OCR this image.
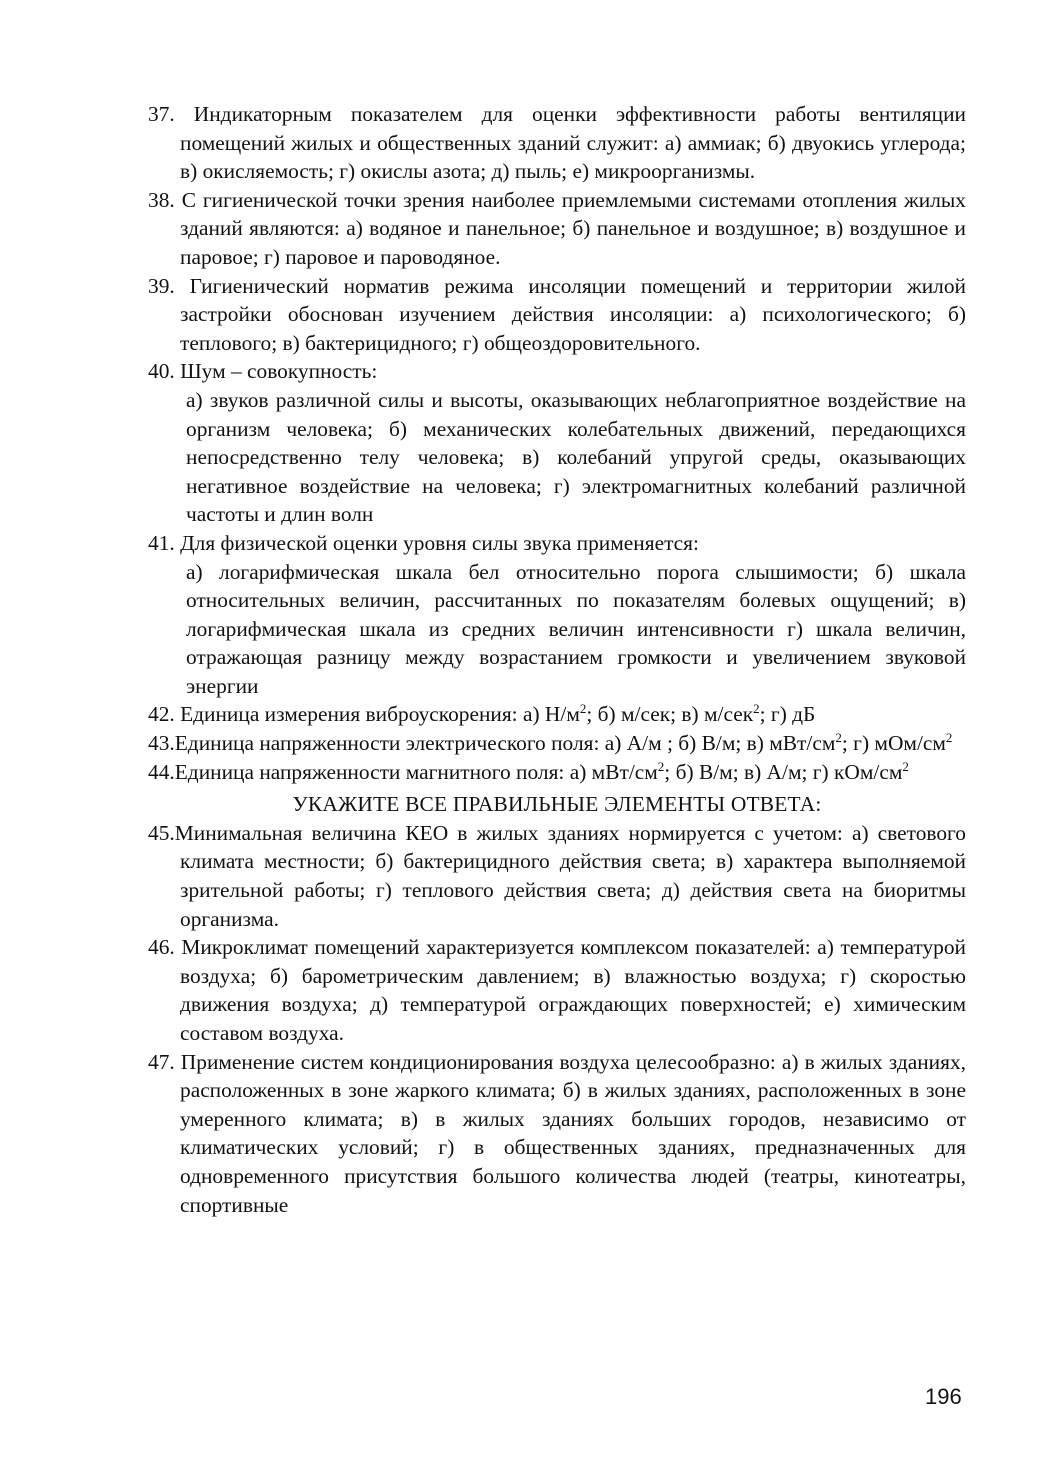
37. Индикаторным показателем для оценки эффективности работы вентиляции помещений жилых и общественных зданий служит: а) аммиак; б) двуокись углерода; в) окисляемость; г) окислы азота; д) пыль; е) микроорганизмы.

38. С гигиенической точки зрения наиболее приемлемыми системами отопления жилых зданий являются: а) водяное и панельное; б) панельное и воздушное; в) воздушное и паровое; г) паровое и пароводяное.

39. Гигиенический норматив режима инсоляции помещений и территории жилой застройки обоснован изучением действия инсоляции: а) психологического; б) теплового; в) бактерицидного; г) общеоздоровительного.

40. Шум – совокупность:

а) звуков различной силы и высоты, оказывающих неблагоприятное воздействие на организм человека; б) механических колебательных движений, передающихся непосредственно телу человека; в) колебаний упругой среды, оказывающих негативное воздействие на человека; г) электромагнитных колебаний различной частоты и длин волн

41. Для физической оценки уровня силы звука применяется:

а) логарифмическая шкала бел относительно порога слышимости; б) шкала относительных величин, рассчитанных по показателям болевых ощущений; в) логарифмическая шкала из средних величин интенсивности г) шкала величин, отражающая разницу между возрастанием громкости и увеличением звуковой энергии

42. Единица измерения виброускорения: а) $Н/м^2$; б) м/сек; в) м/сек$^2$; г) дБ

43.Единица напряженности электрического поля: а) А/м ; б) В/м; в) мВт/$см^2$; г) мОм/$см^2$

44.Единица напряженности магнитного поля: а) мВт/$см^2$; б) В/м; в) А/м; г) кОм/$см^2$

УКАЖИТЕ ВСЕ ПРАВИЛЬНЫЕ ЭЛЕМЕНТЫ ОТВЕТА:

45.Минимальная величина КЕО в жилых зданиях нормируется с учетом: а) светового климата местности; б) бактерицидного действия света; в) характера выполняемой зрительной работы; г) теплового действия света; д) действия света на биоритмы организма.

46. Микроклимат помещений характеризуется комплексом показателей: а) температурой воздуха; б) барометрическим давлением; в) влажностью воздуха; г) скоростью движения воздуха; д) температурой ограждающих поверхностей; е) химическим составом воздуха.

47. Применение систем кондиционирования воздуха целесообразно: а) в жилых зданиях, расположенных в зоне жаркого климата; б) в жилых зданиях, расположенных в зоне умеренного климата; в) в жилых зданиях больших городов, независимо от климатических условий; г) в общественных зданиях, предназначенных для одновременного присутствия большого количества людей (театры, кинотеатры, спортивные

196
